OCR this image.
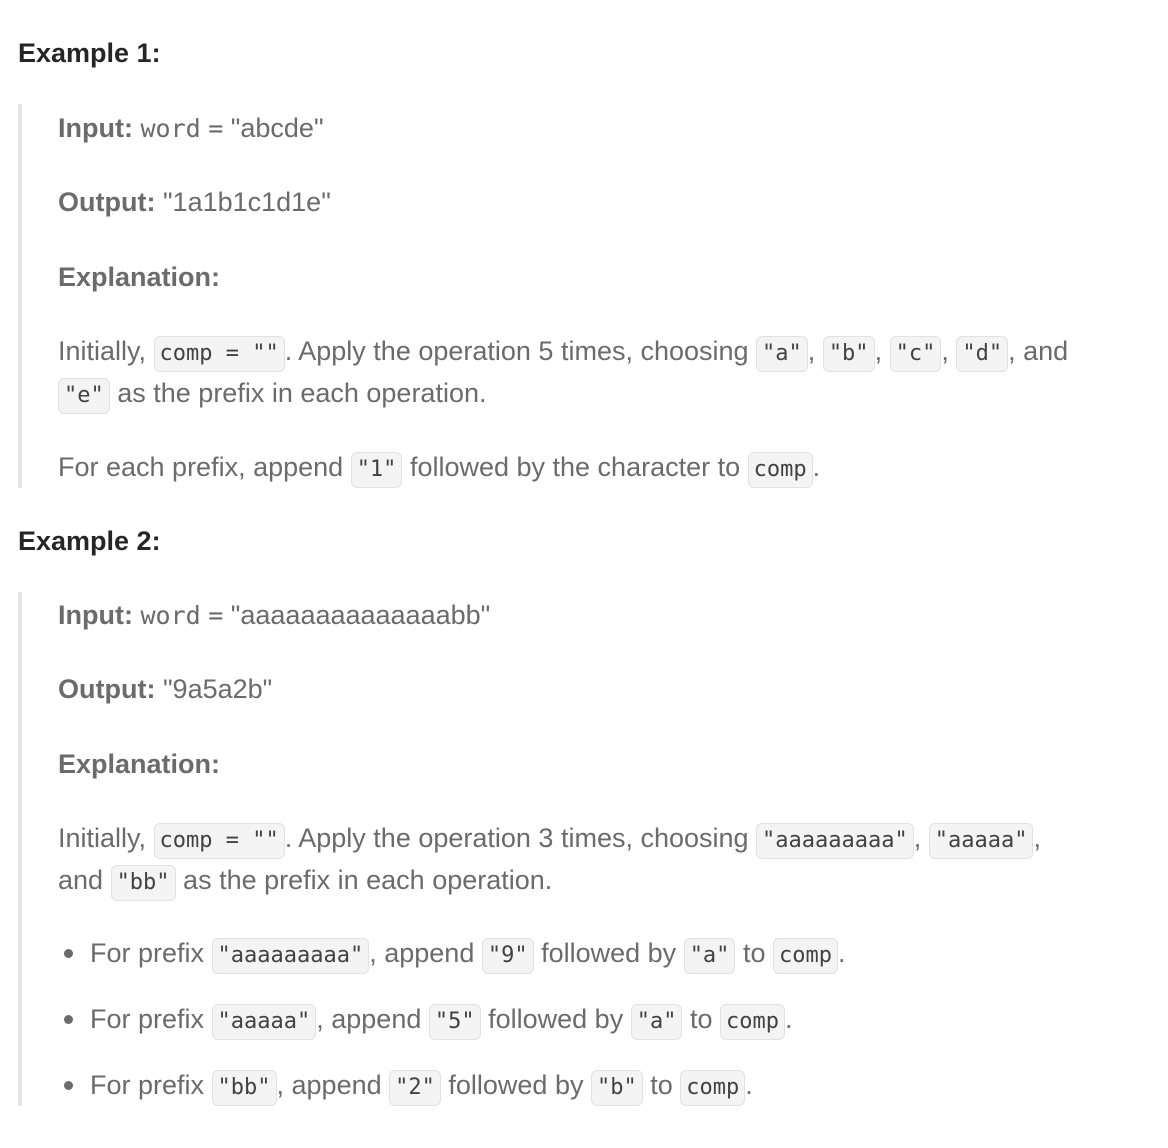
Example 1:
Input: word = "abcde"
Output: "1a1b1c1d1e"
Explanation:
Initially, comp = "" . Apply the operation 5 times, choosing "a" , "b" , "c" , "d" , and
"e" as the prefix in each operation.
For each prefix, append "1" followed by the character to comp .
Example 2:
Input: word = "aaaaaaaaaaaaaabb"
Output: "9a5a2b"
Explanation:
Initially, comp = "" . Apply the operation 3 times, choosing "aaaaaaaaa" , "aaaaa" ,
and "bb" as the prefix in each operation.
For prefix "aaaaaaaaa" , append "9" followed by "a" to comp .
For prefix "aaaaa" , append "5" followed by "a" to comp .
For prefix "bb" , append "2" followed by "b" to comp .
